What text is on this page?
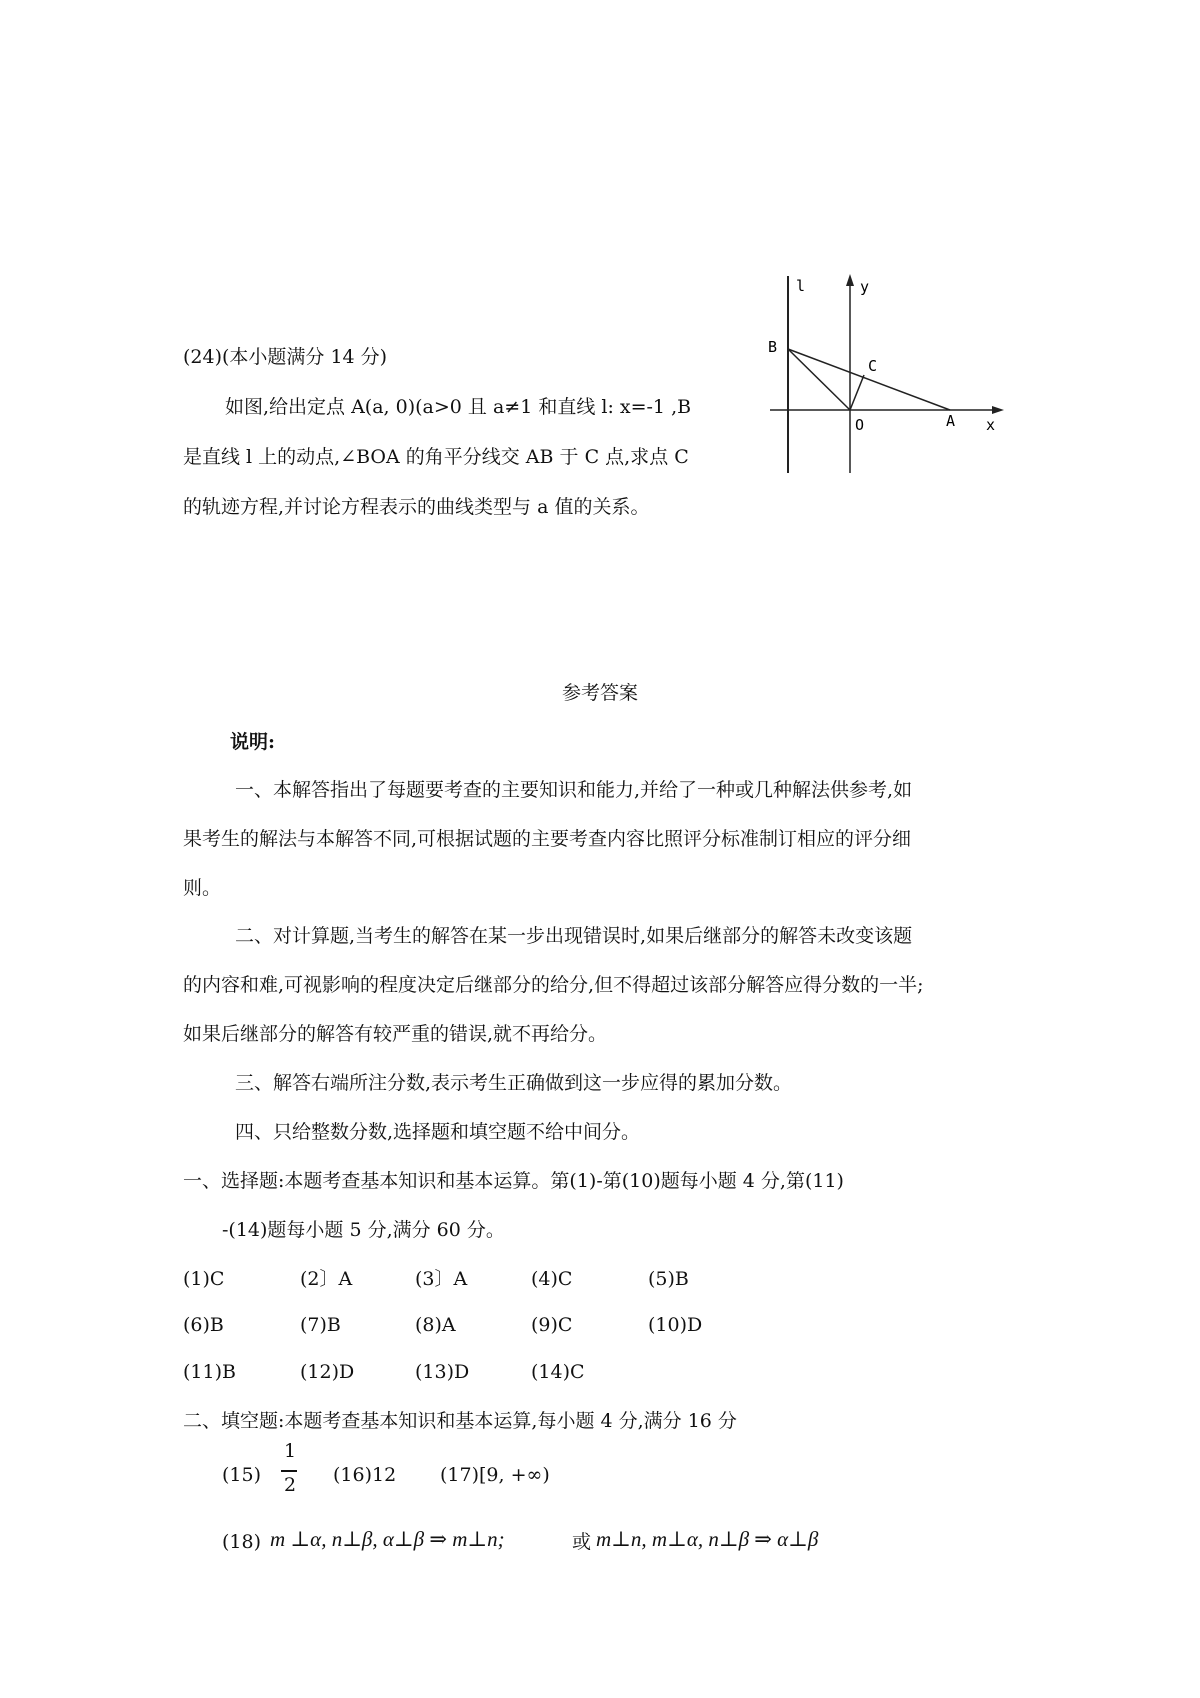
(24)(本小题满分 14 分)
如图,给出定点 A(a, 0)(a>0 且 a≠1 和直线 l: x=-1 ,B
是直线 l 上的动点,∠BOA 的角平分线交 AB 于 C 点,求点 C
的轨迹方程,并讨论方程表示的曲线类型与 a 值的关系。
l	y
B
C
O	A x
参考答案
说明:
一、本解答指出了每题要考查的主要知识和能力,并给了一种或几种解法供参考,如
果考生的解法与本解答不同,可根据试题的主要考查内容比照评分标准制订相应的评分细
则。
二、对计算题,当考生的解答在某一步出现错误时,如果后继部分的解答未改变该题
的内容和难,可视影响的程度决定后继部分的给分,但不得超过该部分解答应得分数的一半;
如果后继部分的解答有较严重的错误,就不再给分。
三、解答右端所注分数,表示考生正确做到这一步应得的累加分数。
四、只给整数分数,选择题和填空题不给中间分。
一、选择题:本题考查基本知识和基本运算。第(1)-第(10)题每小题 4 分,第(11)
-(14)题每小题 5 分,满分 60 分。
(1)C	(2〕A	(3〕A	(4)C	(5)B
(6)B	(7)B	(8)A	(9)C	(10)D
(11)B	(12)D	(13)D	(14)C
二、填空题:本题考查基本知识和基本运算,每小题 4 分,满分 16 分
(15)
1
2 (16)12 (17)[9, +∞)
(18) m ⊥α, n⊥β, α⊥β ⇒ m⊥n;	或 m⊥n, m⊥α, n⊥β ⇒ α⊥β
